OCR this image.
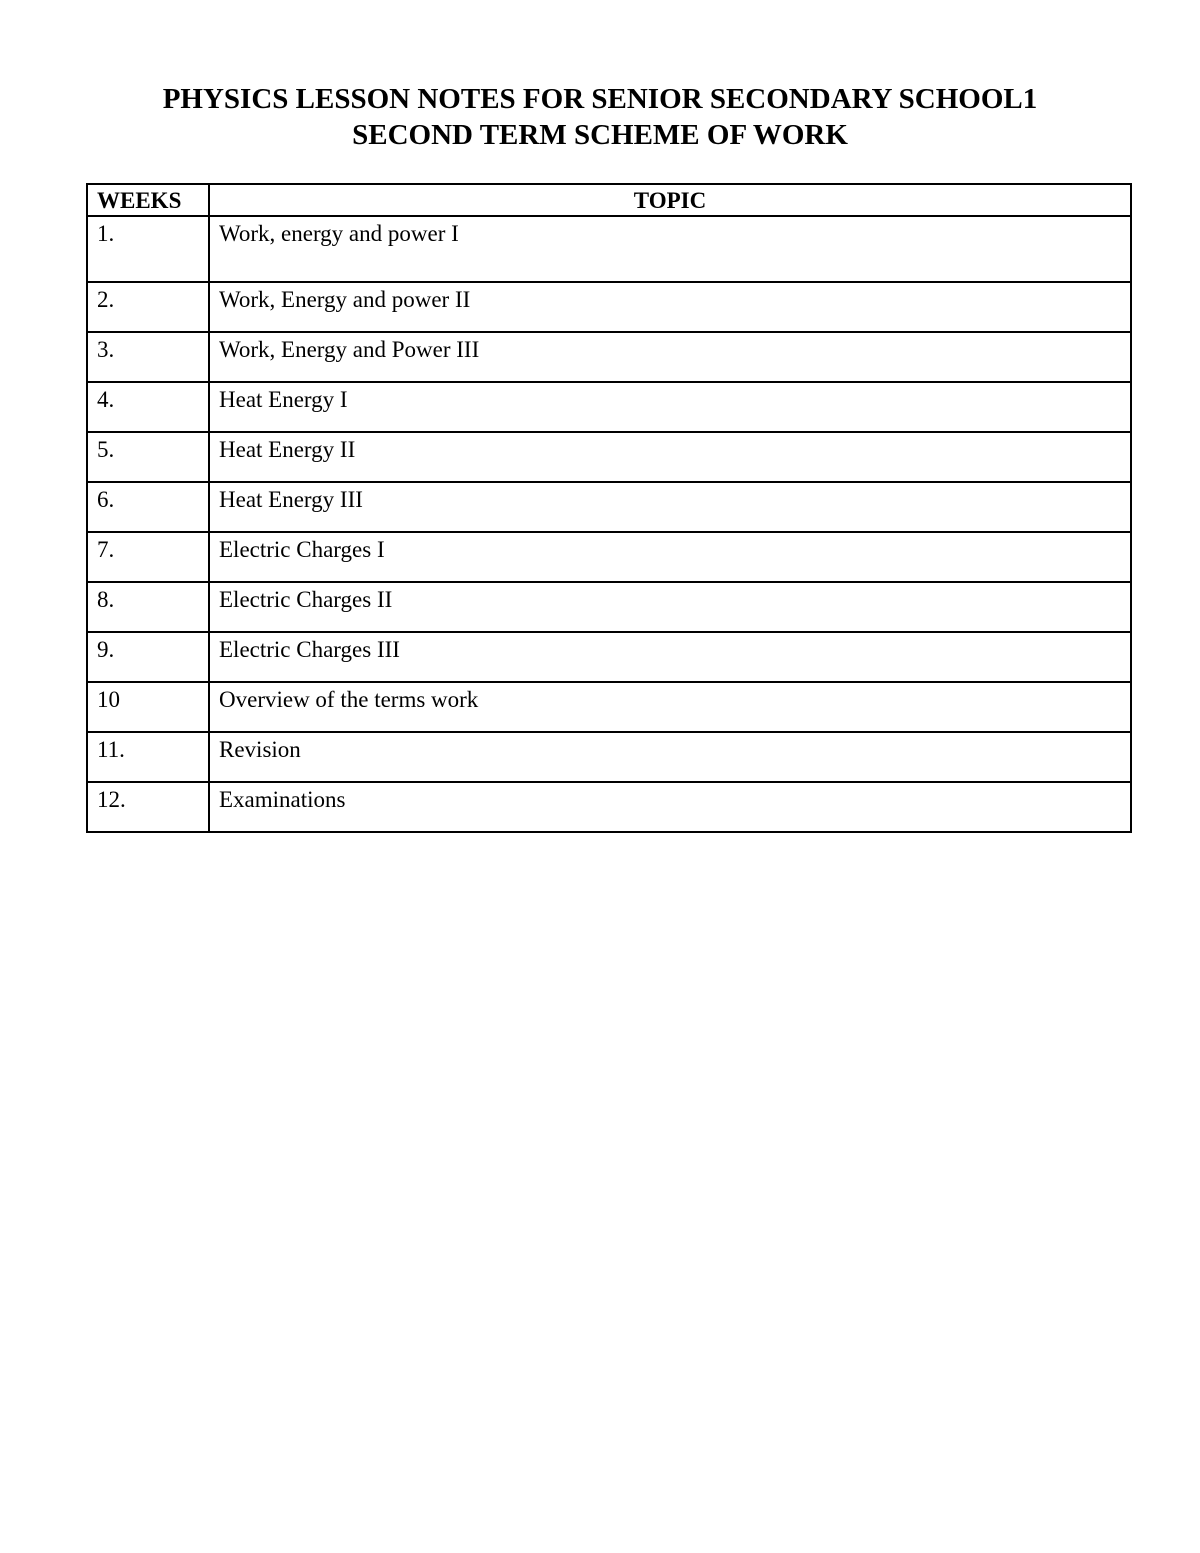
PHYSICS LESSON NOTES FOR SENIOR SECONDARY SCHOOL1
SECOND TERM SCHEME OF WORK
WEEKS	TOPIC
1.	Work, energy and power I
2.	Work, Energy and power II
3.	Work, Energy and Power III
4.	Heat Energy I
5.	Heat Energy II
6.	Heat Energy III
7.	Electric Charges I
8.	Electric Charges II
9.	Electric Charges III
10	Overview of the terms work
11.	Revision
12.	Examinations
